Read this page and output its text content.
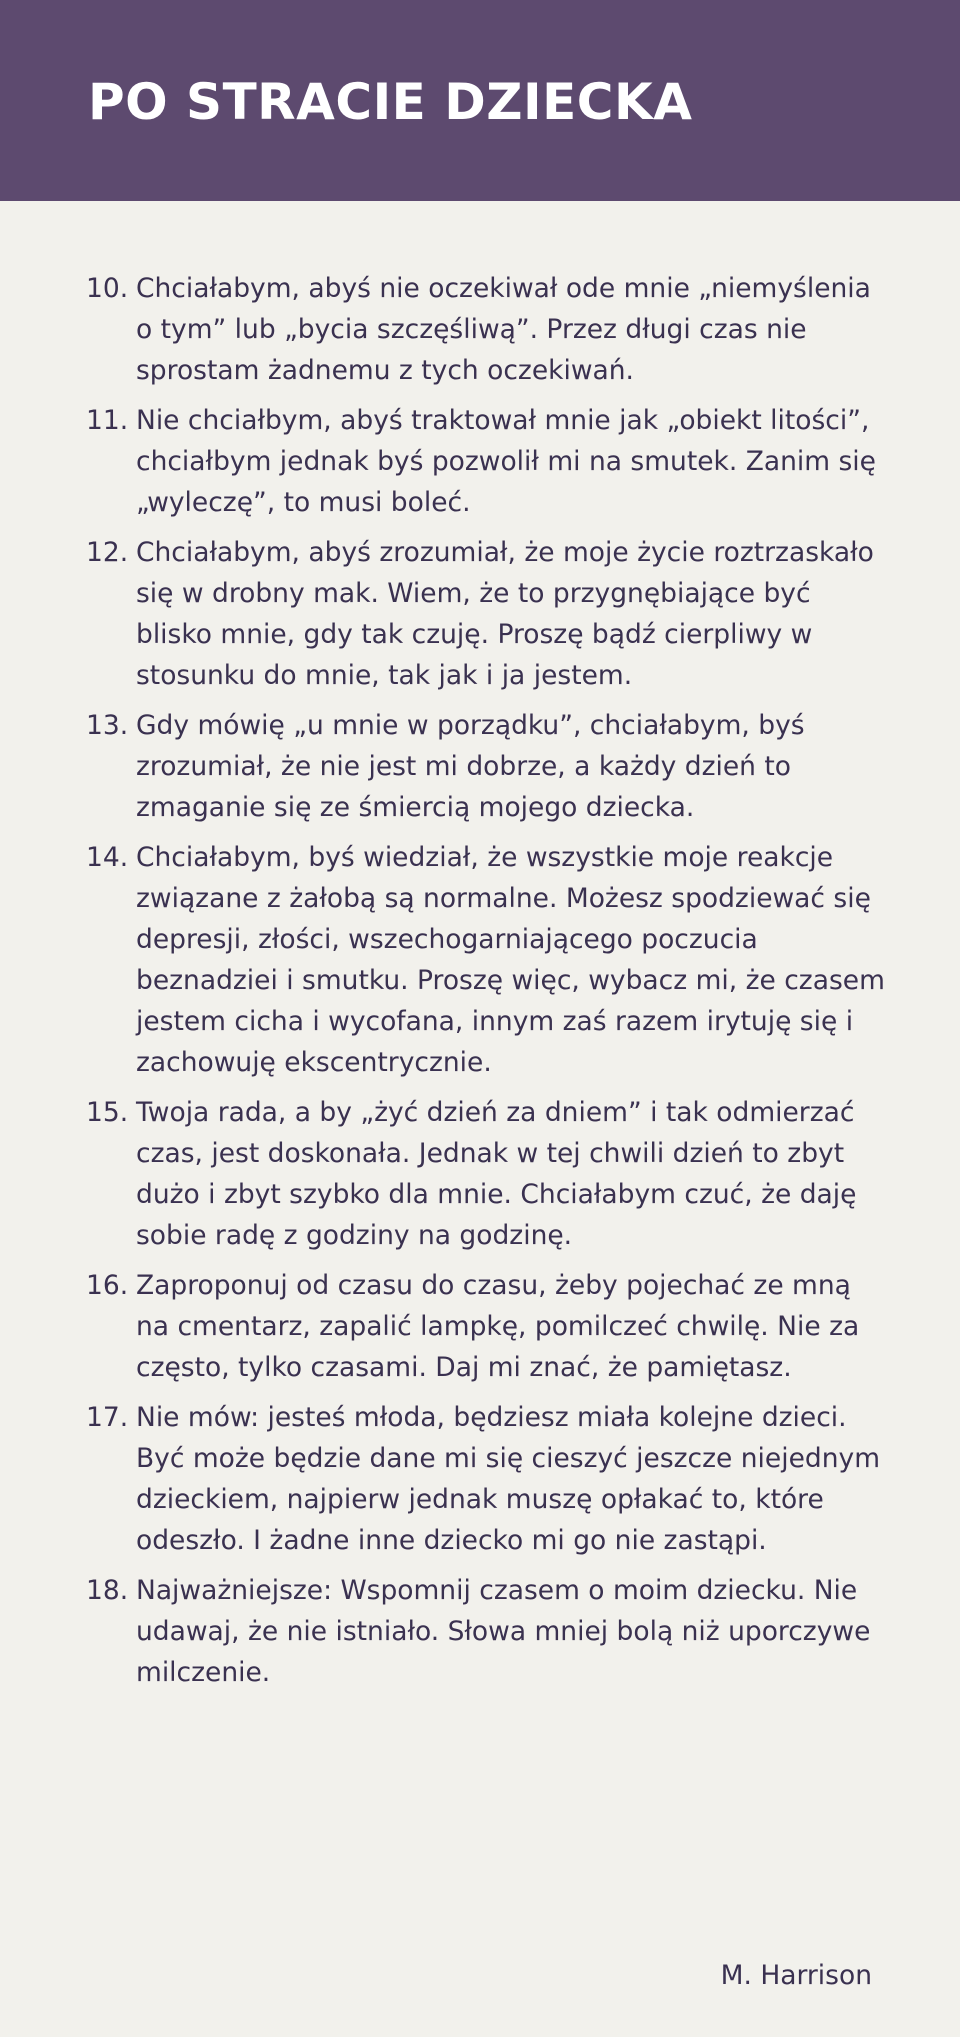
PO STRACIE DZIECKA
10. Chciałabym, abyś nie oczekiwał ode mnie „niemyślenia o tym” lub „bycia szczęśliwą”. Przez długi czas nie sprostam żadnemu z tych oczekiwań.
11. Nie chciałbym, abyś traktował mnie jak „obiekt litości”, chciałbym jednak byś pozwolił mi na smutek. Zanim się „wyleczę”, to musi boleć.
12. Chciałabym, abyś zrozumiał, że moje życie roztrzaskało się w drobny mak. Wiem, że to przygnębiające być blisko mnie, gdy tak czuję. Proszę bądź cierpliwy w stosunku do mnie, tak jak i ja jestem.
13. Gdy mówię „u mnie w porządku”, chciałabym, byś zrozumiał, że nie jest mi dobrze, a każdy dzień to zmaganie się ze śmiercią mojego dziecka.
14. Chciałabym, byś wiedział, że wszystkie moje reakcje związane z żałobą są normalne. Możesz spodziewać się depresji, złości, wszechogarniającego poczucia beznadziei i smutku. Proszę więc, wybacz mi, że czasem jestem cicha i wycofana, innym zaś razem irytuję się i zachowuję ekscentrycznie.
15. Twoja rada, a by „żyć dzień za dniem” i tak odmierzać czas, jest doskonała. Jednak w tej chwili dzień to zbyt dużo i zbyt szybko dla mnie. Chciałabym czuć, że daję sobie radę z godziny na godzinę.
16. Zaproponuj od czasu do czasu, żeby pojechać ze mną na cmentarz, zapalić lampkę, pomilczeć chwilę. Nie za często, tylko czasami. Daj mi znać, że pamiętasz.
17. Nie mów: jesteś młoda, będziesz miała kolejne dzieci. Być może będzie dane mi się cieszyć jeszcze niejednym dzieckiem, najpierw jednak muszę opłakać to, które odeszło. I żadne inne dziecko mi go nie zastąpi.
18. Najważniejsze: Wspomnij czasem o moim dziecku. Nie udawaj, że nie istniało. Słowa mniej bolą niż uporczywe milczenie.
M. Harrison
